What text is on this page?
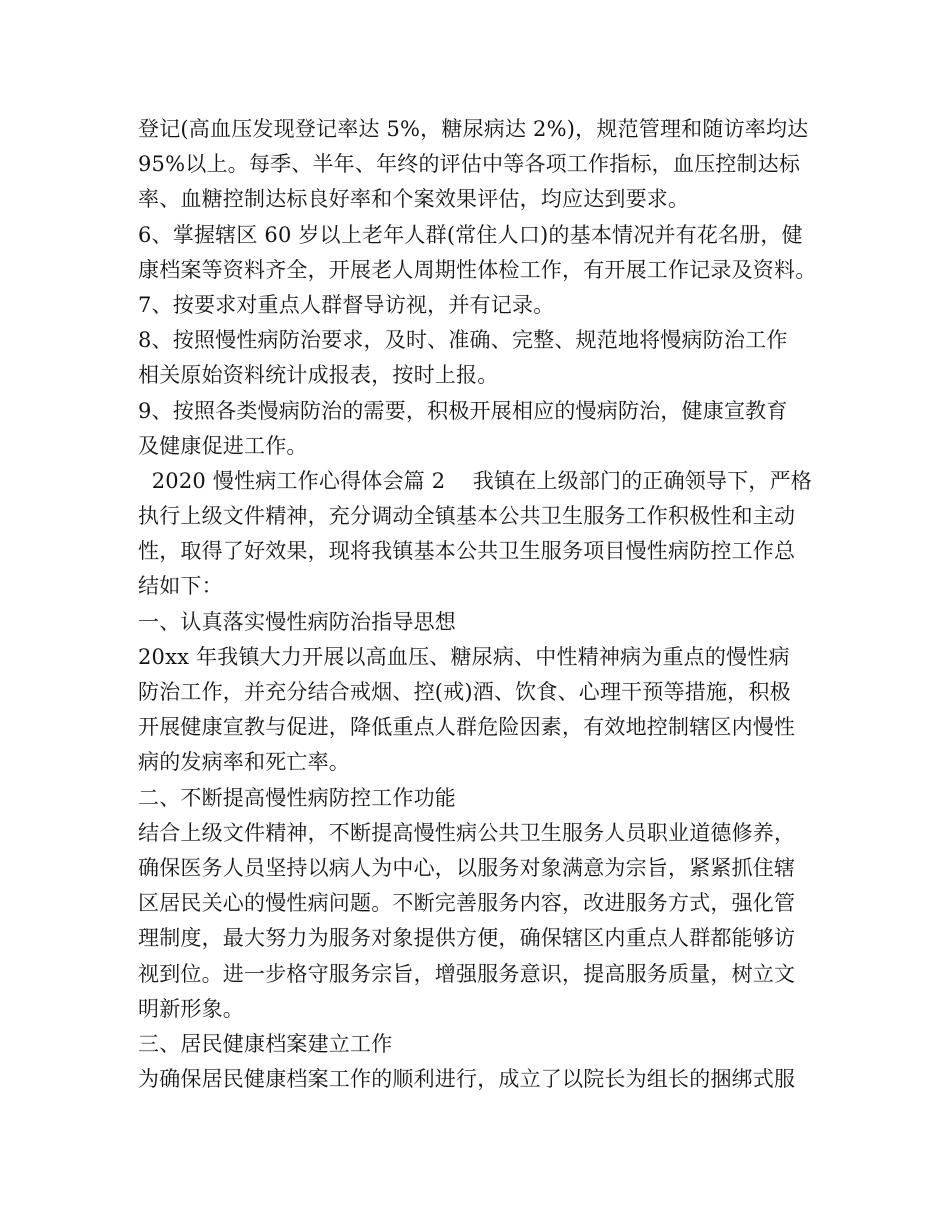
登记(高血压发现登记率达 5%，糖尿病达 2%)，规范管理和随访率均达
95%以上。每季、半年、年终的评估中等各项工作指标，血压控制达标
率、血糖控制达标良好率和个案效果评估，均应达到要求。
6、掌握辖区 60 岁以上老年人群(常住人口)的基本情况并有花名册，健
康档案等资料齐全，开展老人周期性体检工作，有开展工作记录及资料。
7、按要求对重点人群督导访视，并有记录。
8、按照慢性病防治要求，及时、准确、完整、规范地将慢病防治工作
相关原始资料统计成报表，按时上报。
9、按照各类慢病防治的需要，积极开展相应的慢病防治，健康宣教育
及健康促进工作。
2020 慢性病工作心得体会篇 2    我镇在上级部门的正确领导下，严格
执行上级文件精神，充分调动全镇基本公共卫生服务工作积极性和主动
性，取得了好效果，现将我镇基本公共卫生服务项目慢性病防控工作总
结如下：
一、认真落实慢性病防治指导思想
20xx 年我镇大力开展以高血压、糖尿病、中性精神病为重点的慢性病
防治工作，并充分结合戒烟、控(戒)酒、饮食、心理干预等措施，积极
开展健康宣教与促进，降低重点人群危险因素，有效地控制辖区内慢性
病的发病率和死亡率。
二、不断提高慢性病防控工作功能
结合上级文件精神，不断提高慢性病公共卫生服务人员职业道德修养，
确保医务人员坚持以病人为中心，以服务对象满意为宗旨，紧紧抓住辖
区居民关心的慢性病问题。不断完善服务内容，改进服务方式，强化管
理制度，最大努力为服务对象提供方便，确保辖区内重点人群都能够访
视到位。进一步格守服务宗旨，增强服务意识，提高服务质量，树立文
明新形象。
三、居民健康档案建立工作
为确保居民健康档案工作的顺利进行，成立了以院长为组长的捆绑式服
